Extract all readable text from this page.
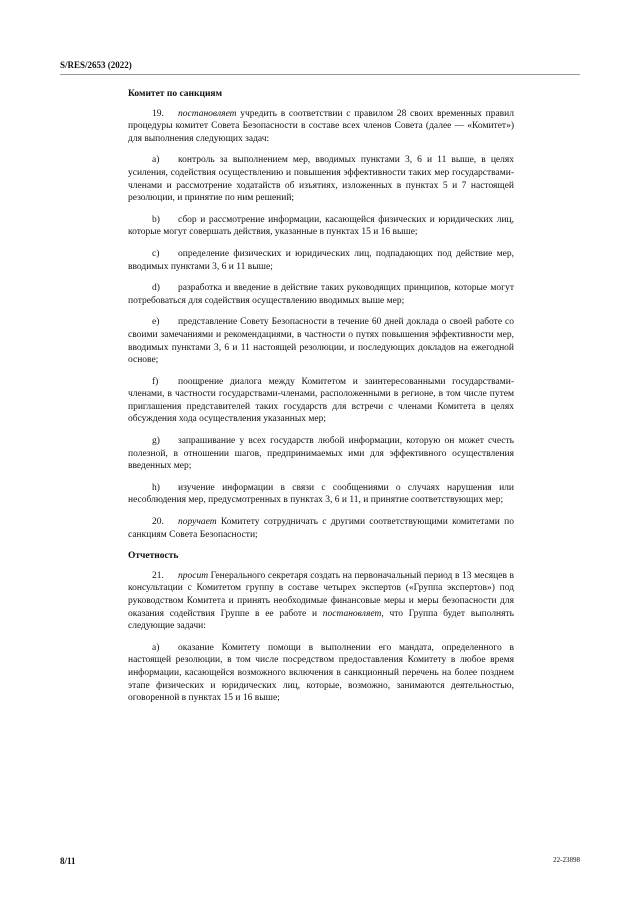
S/RES/2653 (2022)
Комитет по санкциям

19. постановляет учредить в соответствии с правилом 28 своих временных правил процедуры комитет Совета Безопасности в составе всех членов Совета (далее — «Комитет») для выполнения следующих задач:

a) контроль за выполнением мер, вводимых пунктами 3, 6 и 11 выше, в целях усиления, содействия осуществлению и повышения эффективности таких мер государствами-членами и рассмотрение ходатайств об изъятиях, изложенных в пунктах 5 и 7 настоящей резолюции, и принятие по ним решений;

b) сбор и рассмотрение информации, касающейся физических и юридических лиц, которые могут совершать действия, указанные в пунктах 15 и 16 выше;

c) определение физических и юридических лиц, подпадающих под действие мер, вводимых пунктами 3, 6 и 11 выше;

d) разработка и введение в действие таких руководящих принципов, которые могут потребоваться для содействия осуществлению вводимых выше мер;

e) представление Совету Безопасности в течение 60 дней доклада о своей работе со своими замечаниями и рекомендациями, в частности о путях повышения эффективности мер, вводимых пунктами 3, 6 и 11 настоящей резолюции, и последующих докладов на ежегодной основе;

f) поощрение диалога между Комитетом и заинтересованными государствами-членами, в частности государствами-членами, расположенными в регионе, в том числе путем приглашения представителей таких государств для встречи с членами Комитета в целях обсуждения хода осуществления указанных мер;

g) запрашивание у всех государств любой информации, которую он может счесть полезной, в отношении шагов, предпринимаемых ими для эффективного осуществления введенных мер;

h) изучение информации в связи с сообщениями о случаях нарушения или несоблюдения мер, предусмотренных в пунктах 3, 6 и 11, и принятие соответствующих мер;

20. поручает Комитету сотрудничать с другими соответствующими комитетами по санкциям Совета Безопасности;

Отчетность

21. просит Генерального секретаря создать на первоначальный период в 13 месяцев в консультации с Комитетом группу в составе четырех экспертов («Группа экспертов») под руководством Комитета и принять необходимые финансовые меры и меры безопасности для оказания содействия Группе в ее работе и постановляет, что Группа будет выполнять следующие задачи:

a) оказание Комитету помощи в выполнении его мандата, определенного в настоящей резолюции, в том числе посредством предоставления Комитету в любое время информации, касающейся возможного включения в санкционный перечень на более позднем этапе физических и юридических лиц, которые, возможно, занимаются деятельностью, оговоренной в пунктах 15 и 16 выше;

8/11	22-23898
